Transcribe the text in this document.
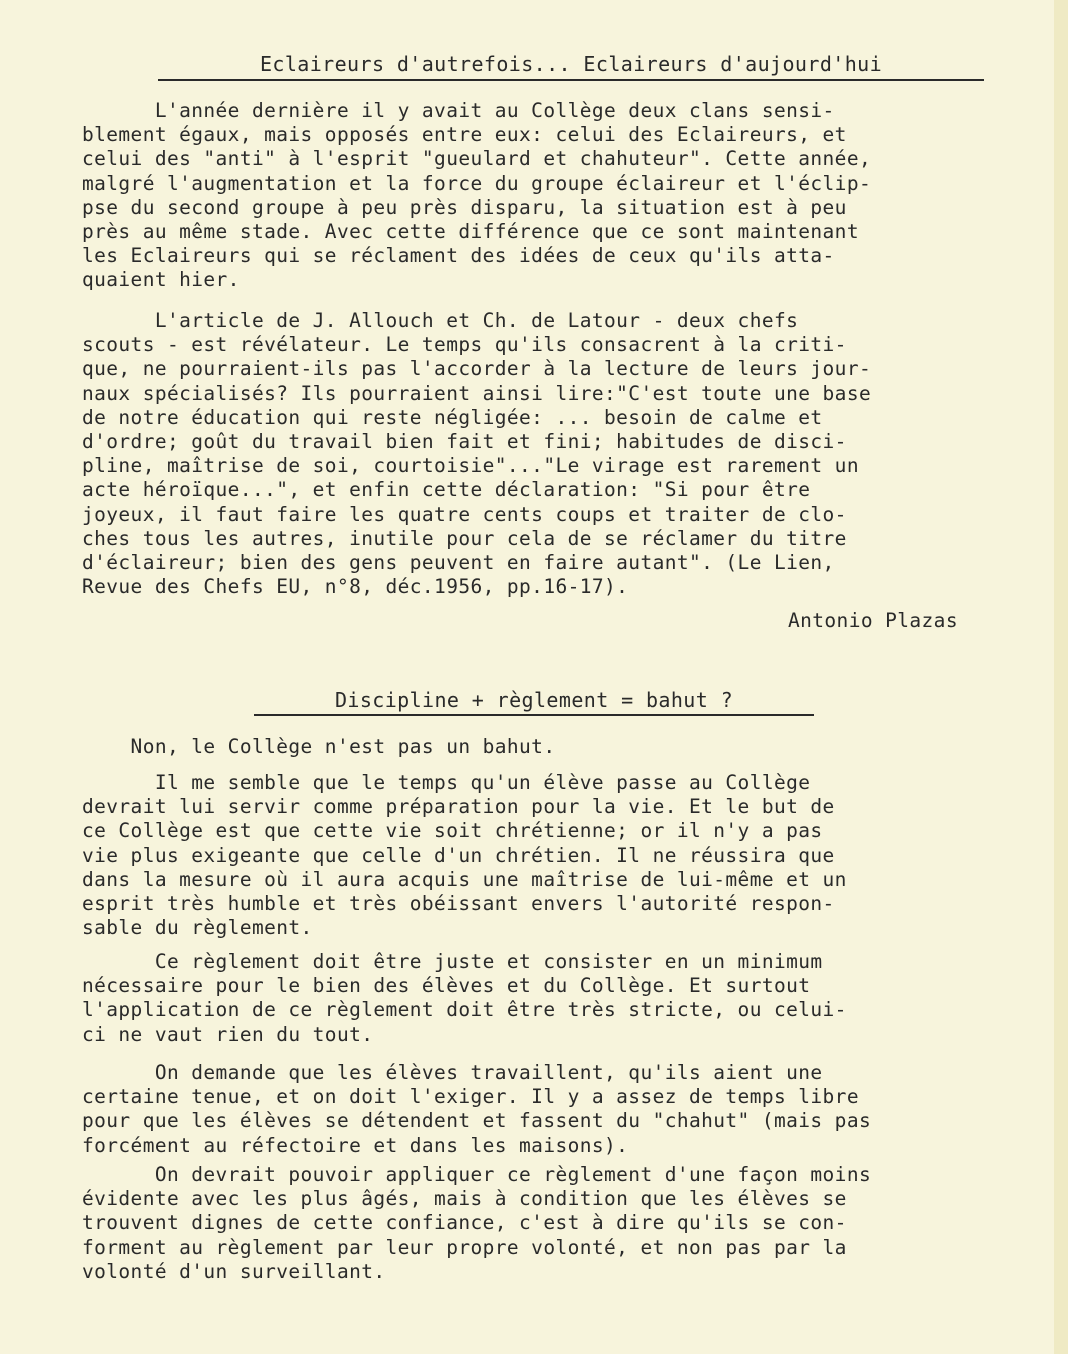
Eclaireurs d'autrefois... Eclaireurs d'aujourd'hui

L'année dernière il y avait au Collège deux clans sensi-
blement égaux, mais opposés entre eux: celui des Eclaireurs, et
celui des "anti" à l'esprit "gueulard et chahuteur". Cette année,
malgré l'augmentation et la force du groupe éclaireur et l'éclip-
pse du second groupe à peu près disparu, la situation est à peu
près au même stade. Avec cette différence que ce sont maintenant
les Eclaireurs qui se réclament des idées de ceux qu'ils atta-
quaient hier.

L'article de J. Allouch et Ch. de Latour - deux chefs
scouts - est révélateur. Le temps qu'ils consacrent à la criti-
que, ne pourraient-ils pas l'accorder à la lecture de leurs jour-
naux spécialisés? Ils pourraient ainsi lire:"C'est toute une base
de notre éducation qui reste négligée: ... besoin de calme et
d'ordre; goût du travail bien fait et fini; habitudes de disci-
pline, maîtrise de soi, courtoisie"..."Le virage est rarement un
acte héroïque...", et enfin cette déclaration: "Si pour être
joyeux, il faut faire les quatre cents coups et traiter de clo-
ches tous les autres, inutile pour cela de se réclamer du titre
d'éclaireur; bien des gens peuvent en faire autant". (Le Lien,
Revue des Chefs EU, n°8, déc.1956, pp.16-17).

Antonio Plazas
Discipline + règlement = bahut ?

Non, le Collège n'est pas un bahut.

Il me semble que le temps qu'un élève passe au Collège
devrait lui servir comme préparation pour la vie. Et le but de
ce Collège est que cette vie soit chrétienne; or il n'y a pas
vie plus exigeante que celle d'un chrétien. Il ne réussira que
dans la mesure où il aura acquis une maîtrise de lui-même et un
esprit très humble et très obéissant envers l'autorité respon-
sable du règlement.

Ce règlement doit être juste et consister en un minimum
nécessaire pour le bien des élèves et du Collège. Et surtout
l'application de ce règlement doit être très stricte, ou celui-
ci ne vaut rien du tout.

On demande que les élèves travaillent, qu'ils aient une
certaine tenue, et on doit l'exiger. Il y a assez de temps libre
pour que les élèves se détendent et fassent du "chahut" (mais pas
forcément au réfectoire et dans les maisons).

On devrait pouvoir appliquer ce règlement d'une façon moins
évidente avec les plus âgés, mais à condition que les élèves se
trouvent dignes de cette confiance, c'est à dire qu'ils se con-
forment au règlement par leur propre volonté, et non pas par la
volonté d'un surveillant.
